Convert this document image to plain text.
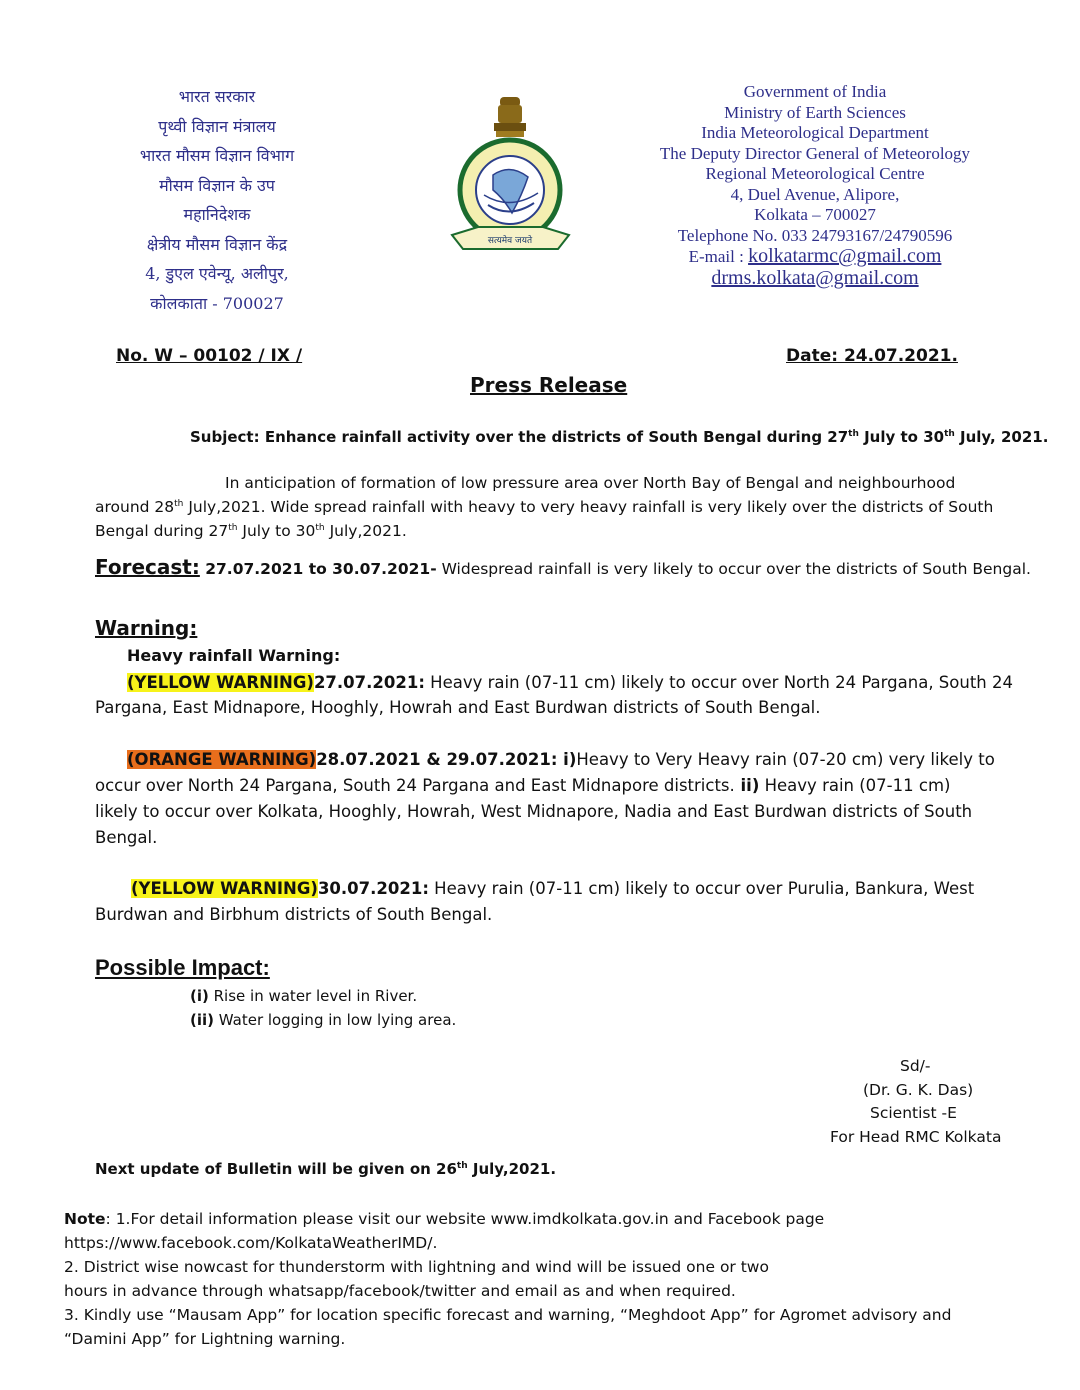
भारत सरकार
पृथ्वी विज्ञान मंत्रालय
भारत मौसम विज्ञान विभाग
मौसम विज्ञान के उप
महानिदेशक
क्षेत्रीय मौसम विज्ञान केंद्र
4, डुएल एवेन्यू, अलीपुर,
कोलकाता - 700027
सत्यमेव जयते
Government of India
Ministry of Earth Sciences
India Meteorological Department
The Deputy Director General of Meteorology
Regional Meteorological Centre
4, Duel Avenue, Alipore,
Kolkata – 700027
Telephone No. 033 24793167/24790596
E-mail : kolkatarmc@gmail.com
drms.kolkata@gmail.com
No. W – 00102 / IX /	Date: 24.07.2021.
Press Release
Subject: Enhance rainfall activity over the districts of South Bengal during 27th July to 30th July, 2021.
In anticipation of formation of low pressure area over North Bay of Bengal and neighbourhood
around 28th July,2021. Wide spread rainfall with heavy to very heavy rainfall is very likely over the districts of South
Bengal during 27th July to 30th July,2021.
Forecast: 27.07.2021 to 30.07.2021- Widespread rainfall is very likely to occur over the districts of South Bengal.
Warning:
Heavy rainfall Warning:
(YELLOW WARNING)27.07.2021: Heavy rain (07-11 cm) likely to occur over North 24 Pargana, South 24
Pargana, East Midnapore, Hooghly, Howrah and East Burdwan districts of South Bengal.
(ORANGE WARNING)28.07.2021 & 29.07.2021: i)Heavy to Very Heavy rain (07-20 cm) very likely to
occur over North 24 Pargana, South 24 Pargana and East Midnapore districts. ii) Heavy rain (07-11 cm)
likely to occur over Kolkata, Hooghly, Howrah, West Midnapore, Nadia and East Burdwan districts of South
Bengal.
(YELLOW WARNING)30.07.2021: Heavy rain (07-11 cm) likely to occur over Purulia, Bankura, West
Burdwan and Birbhum districts of South Bengal.
Possible Impact:
(i) Rise in water level in River.
(ii) Water logging in low lying area.
Sd/-
(Dr. G. K. Das)
Scientist -E
For Head RMC Kolkata
Next update of Bulletin will be given on 26th July,2021.
Note: 1.For detail information please visit our website www.imdkolkata.gov.in and Facebook page
https://www.facebook.com/KolkataWeatherIMD/.
2. District wise nowcast for thunderstorm with lightning and wind will be issued one or two
hours in advance through whatsapp/facebook/twitter and email as and when required.
3. Kindly use “Mausam App” for location specific forecast and warning, “Meghdoot App” for Agromet advisory and
“Damini App” for Lightning warning.
